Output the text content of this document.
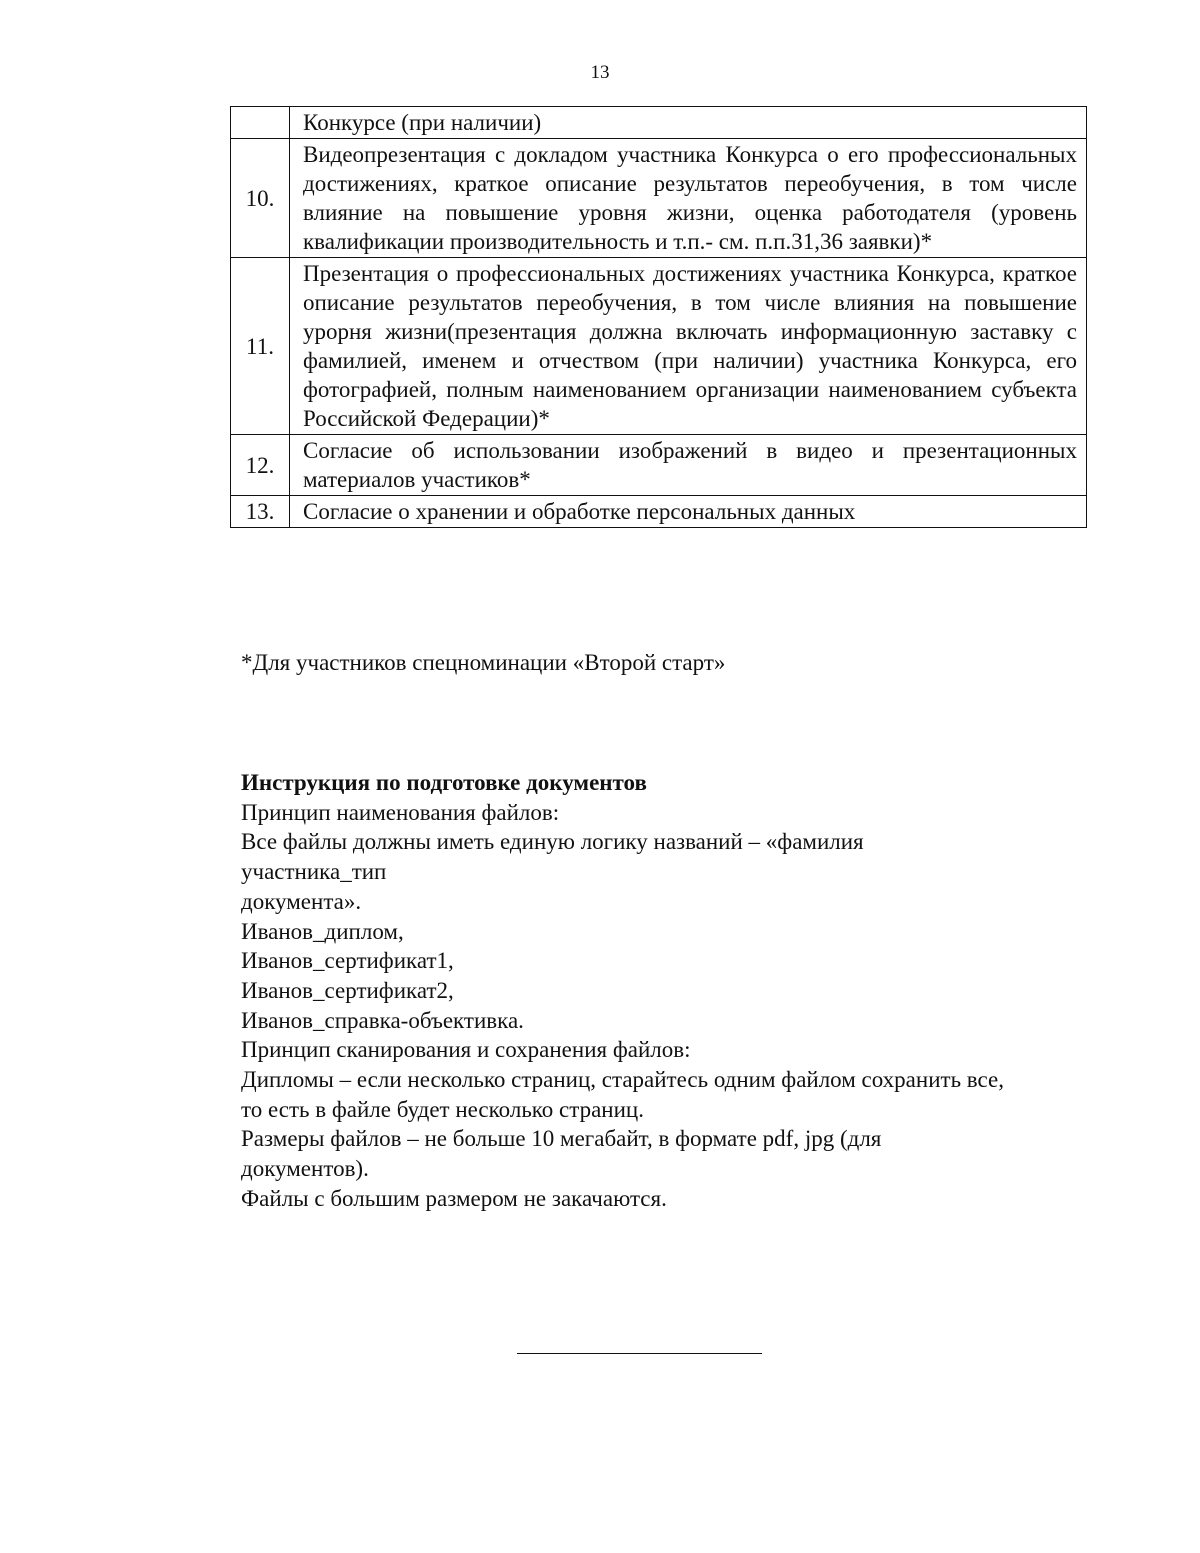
13
	Конкурсе (при наличии)
10.	Видеопрезентация с докладом участника Конкурса о его профессиональных достижениях, краткое описание результатов переобучения, в том числе влияние на повышение уровня жизни, оценка работодателя (уровень квалификации производительность и т.п.- см. п.п.31,36 заявки)*
11.	Презентация о профессиональных достижениях участника Конкурса, краткое описание результатов переобучения, в том числе влияния на повышение уроpня жизни(презентация должна включать информационную заставку с фамилией, именем и отчеством (при наличии) участника Конкурса, его фотографией, полным наименованием организации наименованием субъекта Российской Федерации)*
12.	Согласие об использовании изображений в видео и презентационных материалов участиков*
13.	Согласие о хранении и обработке персональных данных
*Для участников спецноминации «Второй старт»

Инструкция по подготовке документов

Принцип наименования файлов:

Все файлы должны иметь единую логику названий – «фамилия

участника_тип

документа».

Иванов_диплом,

Иванов_сертификат1,

Иванов_сертификат2,

Иванов_справка-объективка.

Принцип сканирования и сохранения файлов:

Дипломы – если несколько страниц, старайтесь одним файлом сохранить все,

то есть в файле будет несколько страниц.

Размеры файлов – не больше 10 мегабайт, в формате pdf, jpg (для

документов).

Файлы с большим размером не закачаются.
